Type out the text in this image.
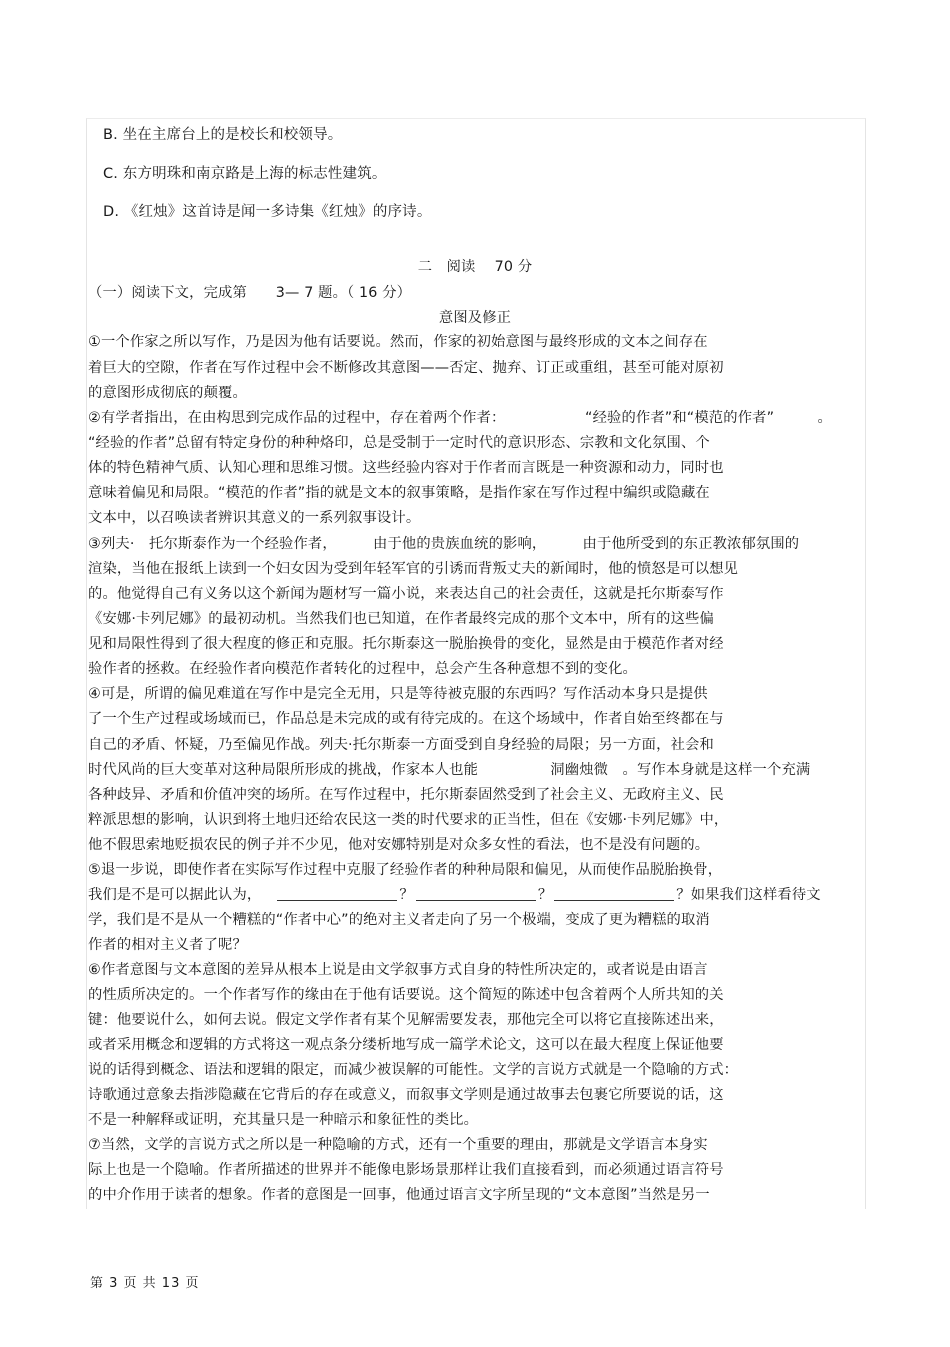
B. 坐在主席台上的是校长和校领导。
C. 东方明珠和南京路是上海的标志性建筑。
D. 《红烛》这首诗是闻一多诗集《红烛》的序诗。
二　阅读　 70 分
（一）阅读下文，完成第　　3— 7 题。（ 16 分）
意图及修正
①一个作家之所以写作，乃是因为他有话要说。然而，作家的初始意图与最终形成的文本之间存在
着巨大的空隙，作者在写作过程中会不断修改其意图——否定、抛弃、订正或重组，甚至可能对原初
的意图形成彻底的颠覆。
②有学者指出，在由构思到完成作品的过程中，存在着两个作者：　　　　　　“经验的作者”和“模范的作者”　　　。
“经验的作者”总留有特定身份的种种烙印，总是受制于一定时代的意识形态、宗教和文化氛围、个
体的特色精神气质、认知心理和思维习惯。这些经验内容对于作者而言既是一种资源和动力，同时也
意味着偏见和局限。“模范的作者”指的就是文本的叙事策略，是指作家在写作过程中编织或隐藏在
文本中，以召唤读者辨识其意义的一系列叙事设计。
③列夫·　托尔斯泰作为一个经验作者，　　　由于他的贵族血统的影响，　　　由于他所受到的东正教浓郁氛围的
渲染，当他在报纸上读到一个妇女因为受到年轻军官的引诱而背叛丈夫的新闻时，他的愤怒是可以想见
的。他觉得自己有义务以这个新闻为题材写一篇小说，来表达自己的社会责任，这就是托尔斯泰写作
《安娜·卡列尼娜》的最初动机。当然我们也已知道，在作者最终完成的那个文本中，所有的这些偏
见和局限性得到了很大程度的修正和克服。托尔斯泰这一脱胎换骨的变化，显然是由于模范作者对经
验作者的拯救。在经验作者向模范作者转化的过程中，总会产生各种意想不到的变化。
④可是，所谓的偏见难道在写作中是完全无用，只是等待被克服的东西吗？写作活动本身只是提供
了一个生产过程或场域而已，作品总是未完成的或有待完成的。在这个场域中，作者自始至终都在与
自己的矛盾、怀疑，乃至偏见作战。列夫·托尔斯泰一方面受到自身经验的局限；另一方面，社会和
时代风尚的巨大变革对这种局限所形成的挑战，作家本人也能　　　　　洞幽烛微　。写作本身就是这样一个充满
各种歧异、矛盾和价值冲突的场所。在写作过程中，托尔斯泰固然受到了社会主义、无政府主义、民
粹派思想的影响，认识到将土地归还给农民这一类的时代要求的正当性，但在《安娜·卡列尼娜》中，
他不假思索地贬损农民的例子并不少见，他对安娜特别是对众多女性的看法，也不是没有问题的。
⑤退一步说，即使作者在实际写作过程中克服了经验作者的种种局限和偏见，从而使作品脱胎换骨，
我们是不是可以据此认为，	？	？	？如果我们这样看待文
学，我们是不是从一个糟糕的“作者中心”的绝对主义者走向了另一个极端，变成了更为糟糕的取消
作者的相对主义者了呢？
⑥作者意图与文本意图的差异从根本上说是由文学叙事方式自身的特性所决定的，或者说是由语言
的性质所决定的。一个作者写作的缘由在于他有话要说。这个简短的陈述中包含着两个人所共知的关
键：他要说什么，如何去说。假定文学作者有某个见解需要发表，那他完全可以将它直接陈述出来，
或者采用概念和逻辑的方式将这一观点条分缕析地写成一篇学术论文，这可以在最大程度上保证他要
说的话得到概念、语法和逻辑的限定，而减少被误解的可能性。文学的言说方式就是一个隐喻的方式：
诗歌通过意象去指涉隐藏在它背后的存在或意义，而叙事文学则是通过故事去包裹它所要说的话，这
不是一种解释或证明，充其量只是一种暗示和象征性的类比。
⑦当然，文学的言说方式之所以是一种隐喻的方式，还有一个重要的理由，那就是文学语言本身实
际上也是一个隐喻。作者所描述的世界并不能像电影场景那样让我们直接看到，而必须通过语言符号
的中介作用于读者的想象。作者的意图是一回事，他通过语言文字所呈现的“文本意图”当然是另一
第 3 页 共 13 页
